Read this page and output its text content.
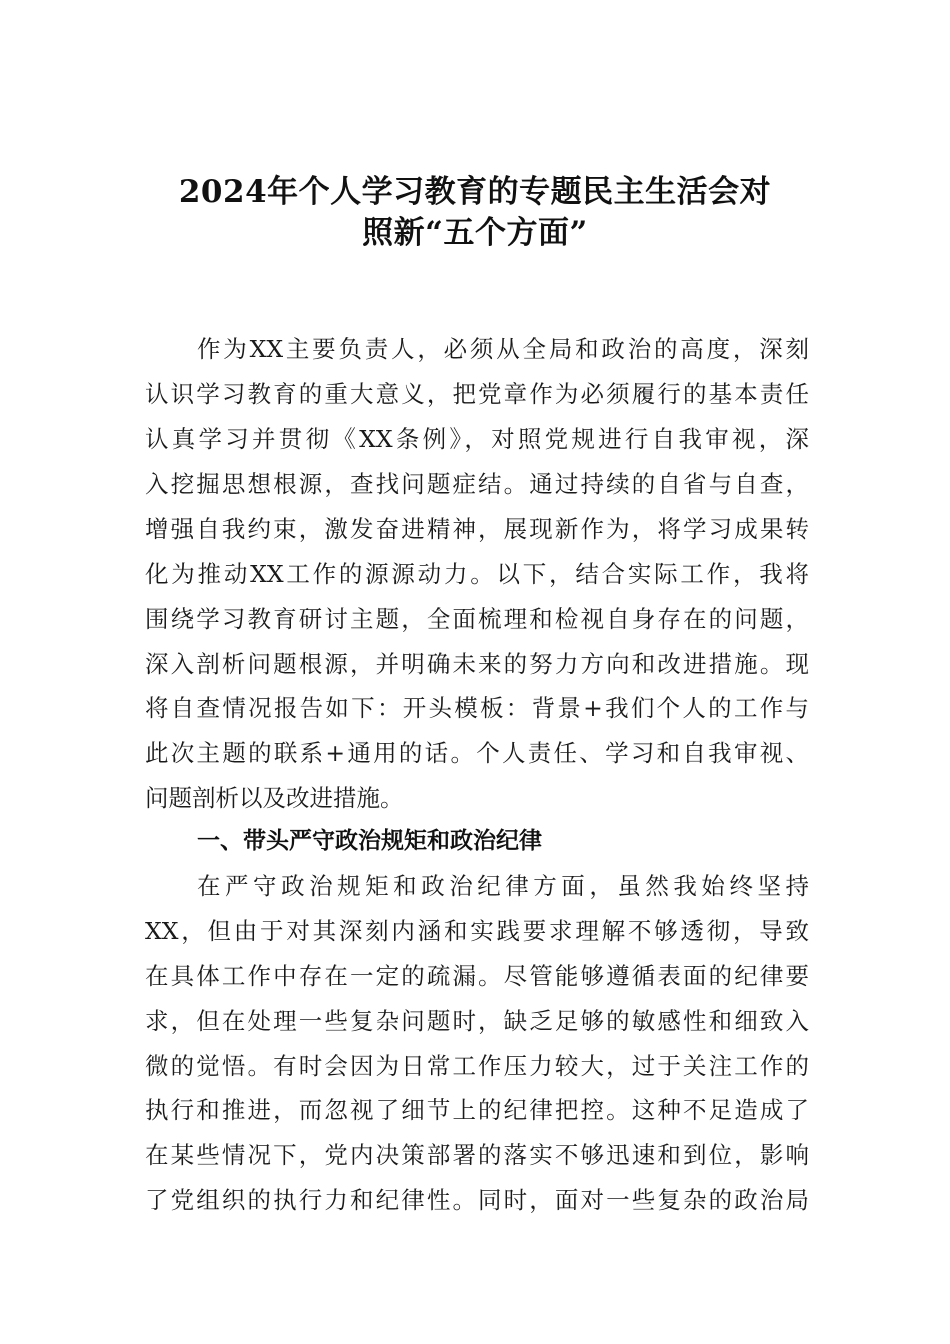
2024年个人学习教育的专题民主生活会对
照新“五个方面”
作为XX主要负责人，必须从全局和政治的高度，深刻
认识学习教育的重大意义，把党章作为必须履行的基本责任
认真学习并贯彻《XX条例》，对照党规进行自我审视，深
入挖掘思想根源，查找问题症结。通过持续的自省与自查，
增强自我约束，激发奋进精神，展现新作为，将学习成果转
化为推动XX工作的源源动力。以下，结合实际工作，我将
围绕学习教育研讨主题，全面梳理和检视自身存在的问题，
深入剖析问题根源，并明确未来的努力方向和改进措施。现
将自查情况报告如下：开头模板：背景+我们个人的工作与
此次主题的联系+通用的话。个人责任、学习和自我审视、
问题剖析以及改进措施。
一、带头严守政治规矩和政治纪律
在严守政治规矩和政治纪律方面，虽然我始终坚持
XX，但由于对其深刻内涵和实践要求理解不够透彻，导致
在具体工作中存在一定的疏漏。尽管能够遵循表面的纪律要
求，但在处理一些复杂问题时，缺乏足够的敏感性和细致入
微的觉悟。有时会因为日常工作压力较大，过于关注工作的
执行和推进，而忽视了细节上的纪律把控。这种不足造成了
在某些情况下，党内决策部署的落实不够迅速和到位，影响
了党组织的执行力和纪律性。同时，面对一些复杂的政治局
